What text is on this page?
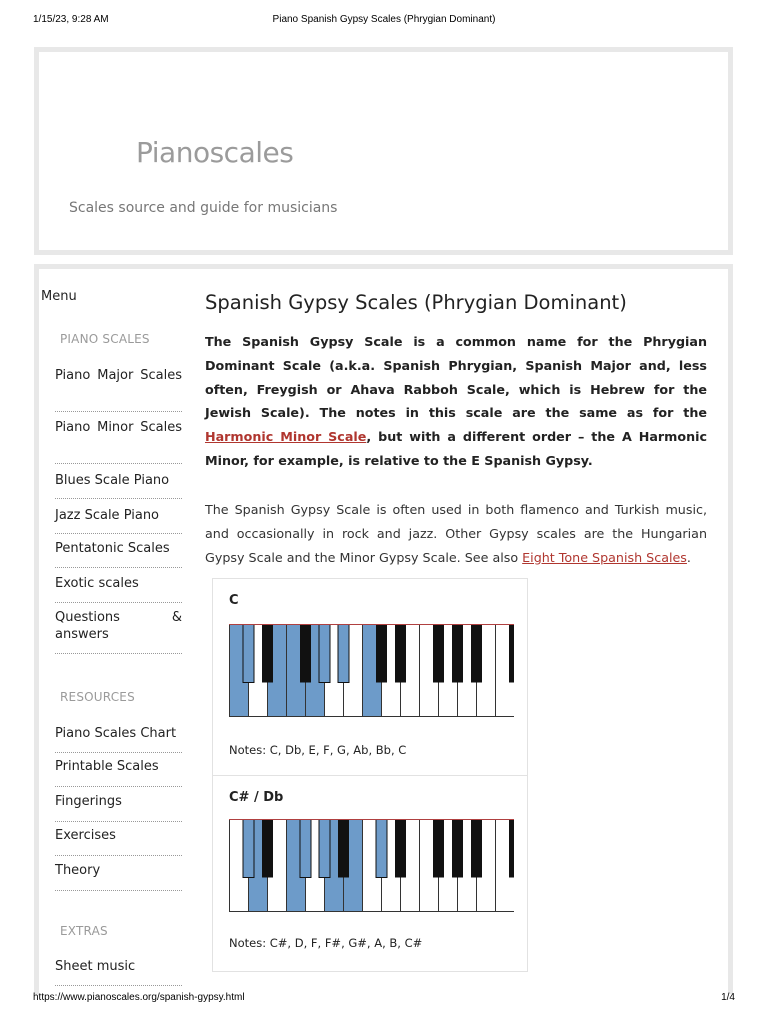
1/15/23, 9:28 AM	Piano Spanish Gypsy Scales (Phrygian Dominant)
Pianoscales
Scales source and guide for musicians
Menu
PIANO SCALES
Piano Major Scales
Piano Minor Scales
Blues Scale Piano
Jazz Scale Piano
Pentatonic Scales
Exotic scales
Questions & answers
RESOURCES
Piano Scales Chart
Printable Scales
Fingerings
Exercises
Theory
EXTRAS
Sheet music
Spanish Gypsy Scales (Phrygian Dominant)

The Spanish Gypsy Scale is a common name for the Phrygian Dominant Scale (a.k.a. Spanish Phrygian, Spanish Major and, less often, Freygish or Ahava Rabboh Scale, which is Hebrew for the Jewish Scale). The notes in this scale are the same as for the Harmonic Minor Scale, but with a different order – the A Harmonic Minor, for example, is relative to the E Spanish Gypsy.

The Spanish Gypsy Scale is often used in both flamenco and Turkish music, and occasionally in rock and jazz. Other Gypsy scales are the Hungarian Gypsy Scale and the Minor Gypsy Scale. See also Eight Tone Spanish Scales.

C
Notes: C, Db, E, F, G, Ab, Bb, C
C# / Db
Notes: C#, D, F, F#, G#, A, B, C#
https://www.pianoscales.org/spanish-gypsy.html	1/4
